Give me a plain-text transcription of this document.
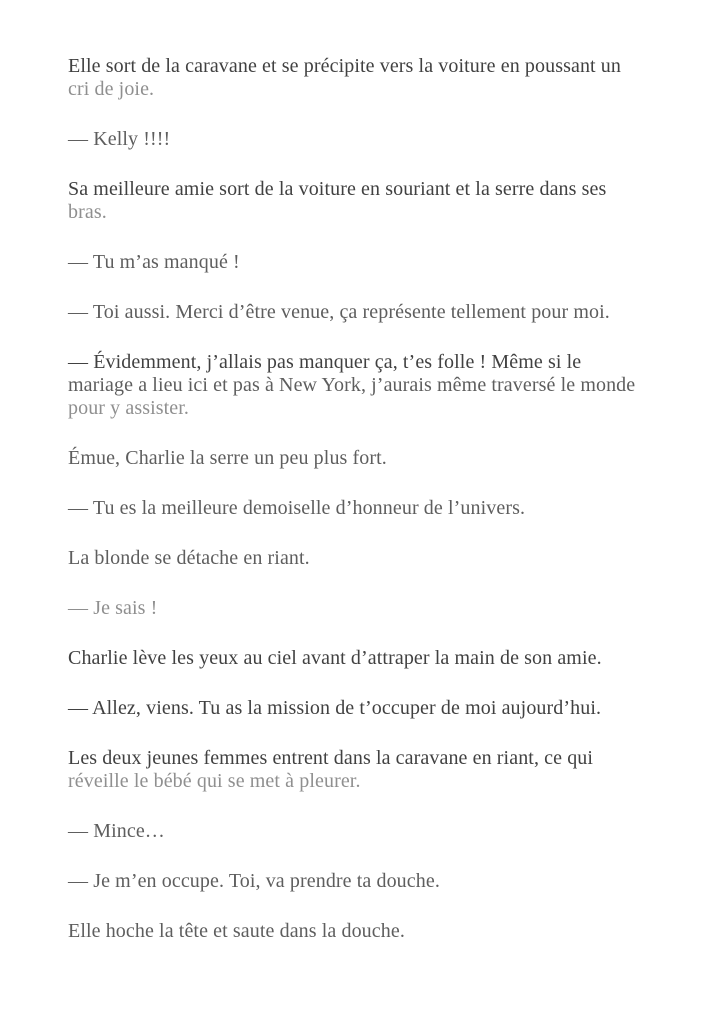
Elle sort de la caravane et se précipite vers la voiture en poussant un
cri de joie.
— Kelly !!!!
Sa meilleure amie sort de la voiture en souriant et la serre dans ses
bras.
— Tu m’as manqué !
— Toi aussi. Merci d’être venue, ça représente tellement pour moi.
— Évidemment, j’allais pas manquer ça, t’es folle ! Même si le
mariage a lieu ici et pas à New York, j’aurais même traversé le monde
pour y assister.
Émue, Charlie la serre un peu plus fort.
— Tu es la meilleure demoiselle d’honneur de l’univers.
La blonde se détache en riant.
— Je sais !
Charlie lève les yeux au ciel avant d’attraper la main de son amie.
— Allez, viens. Tu as la mission de t’occuper de moi aujourd’hui.
Les deux jeunes femmes entrent dans la caravane en riant, ce qui
réveille le bébé qui se met à pleurer.
— Mince…
— Je m’en occupe. Toi, va prendre ta douche.
Elle hoche la tête et saute dans la douche.
